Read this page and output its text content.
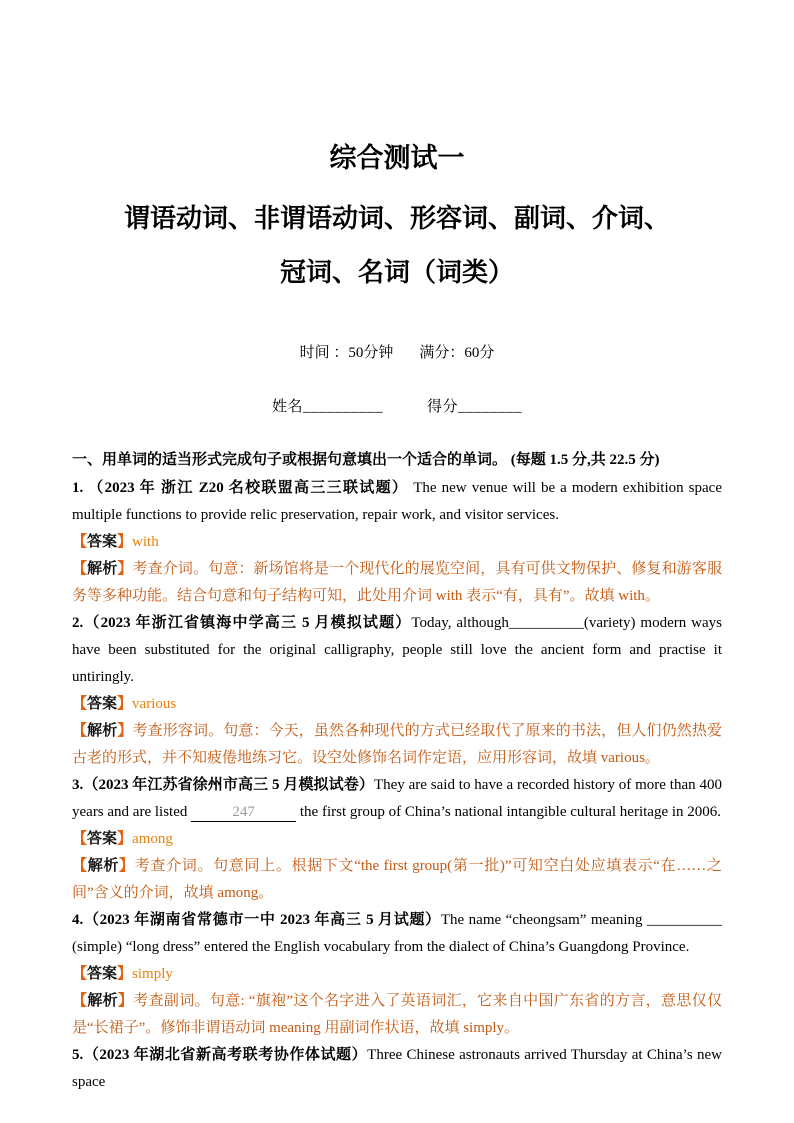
综合测试一
谓语动词、非谓语动词、形容词、副词、介词、
冠词、名词（词类）
时间 ：50分钟 满分：60分
姓名__________	得分________
一、用单词的适当形式完成句子或根据句意填出一个适合的单词。 (每题 1.5 分,共 22.5 分)

1. （2023 年 浙江 Z20 名校联盟高三三联试题） The new venue will be a modern exhibition space multiple functions to provide relic preservation, repair work, and visitor services.

【答案】with

【解析】考查介词。句意：新场馆将是一个现代化的展览空间，具有可供文物保护、修复和游客服务等多种功能。结合句意和句子结构可知，此处用介词 with 表示“有，具有”。故填 with。

2.（2023 年浙江省镇海中学高三 5 月模拟试题）Today, although__________(variety) modern ways have been substituted for the original calligraphy, people still love the ancient form and practise it untiringly.

【答案】various

【解析】考查形容词。句意：今天，虽然各种现代的方式已经取代了原来的书法，但人们仍然热爱古老的形式，并不知疲倦地练习它。设空处修饰名词作定语，应用形容词，故填 various。

3.（2023 年江苏省徐州市高三 5 月模拟试卷）They are said to have a recorded history of more than 400 years and are listed	247	the first group of China’s national intangible cultural heritage in 2006.

【答案】among

【解析】考查介词。句意同上。根据下文“the first group(第一批)”可知空白处应填表示“在……之间”含义的介词，故填 among。

4.（2023 年湖南省常德市一中 2023 年高三 5 月试题）The name “cheongsam” meaning __________ (simple) “long dress” entered the English vocabulary from the dialect of China’s Guangdong Province.

【答案】simply

【解析】考查副词。句意: “旗袍”这个名字进入了英语词汇，它来自中国广东省的方言，意思仅仅是“长裙子”。修饰非谓语动词 meaning 用副词作状语，故填 simply。

5.（2023 年湖北省新高考联考协作体试题）Three Chinese astronauts arrived Thursday at China’s new space
